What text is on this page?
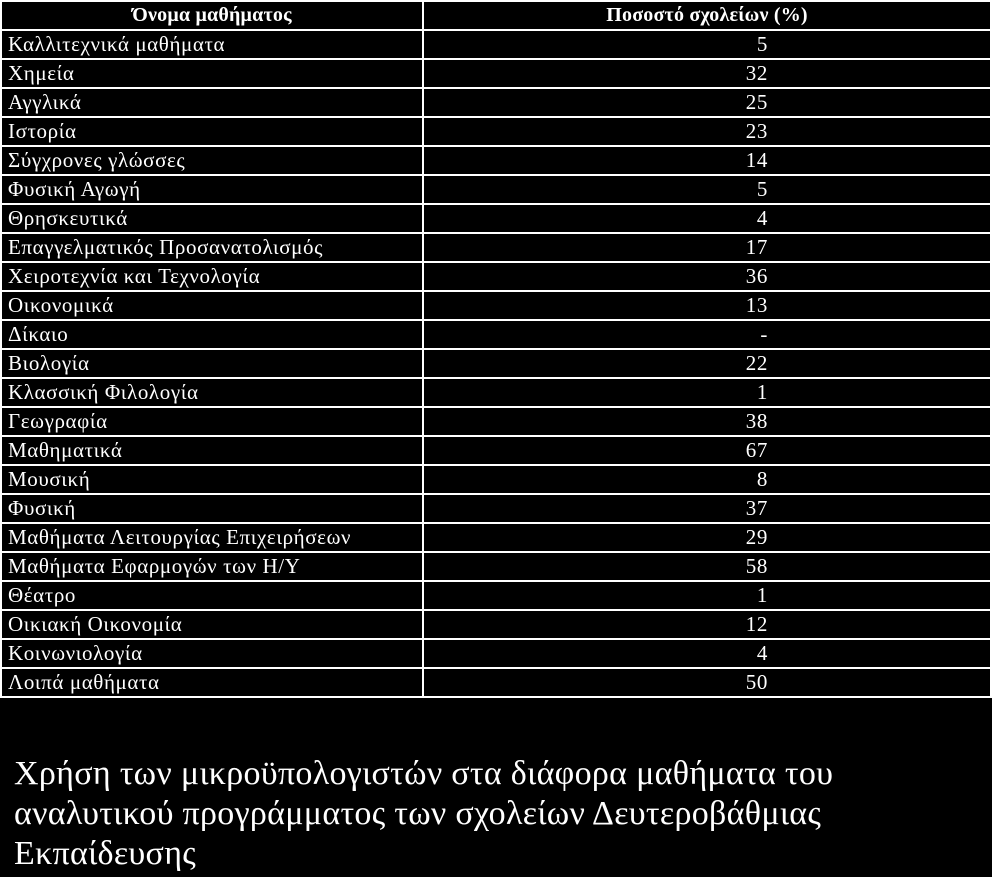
Όνομα μαθήματος	Ποσοστό σχολείων (%)
Καλλιτεχνικά μαθήματα	5
Χημεία	32
Αγγλικά	25
Ιστορία	23
Σύγχρονες γλώσσες	14
Φυσική Αγωγή	5
Θρησκευτικά	4
Επαγγελματικός Προσανατολισμός	17
Χειροτεχνία και Τεχνολογία	36
Οικονομικά	13
Δίκαιο	-
Βιολογία	22
Κλασσική Φιλολογία	1
Γεωγραφία	38
Μαθηματικά	67
Μουσική	8
Φυσική	37
Μαθήματα Λειτουργίας Επιχειρήσεων	29
Μαθήματα Εφαρμογών των Η/Υ	58
Θέατρο	1
Οικιακή Οικονομία	12
Κοινωνιολογία	4
Λοιπά μαθήματα	50
Χρήση των μικροϋπολογιστών στα διάφορα μαθήματα του αναλυτικού προγράμματος των σχολείων Δευτεροβάθμιας Εκπαίδευσης
